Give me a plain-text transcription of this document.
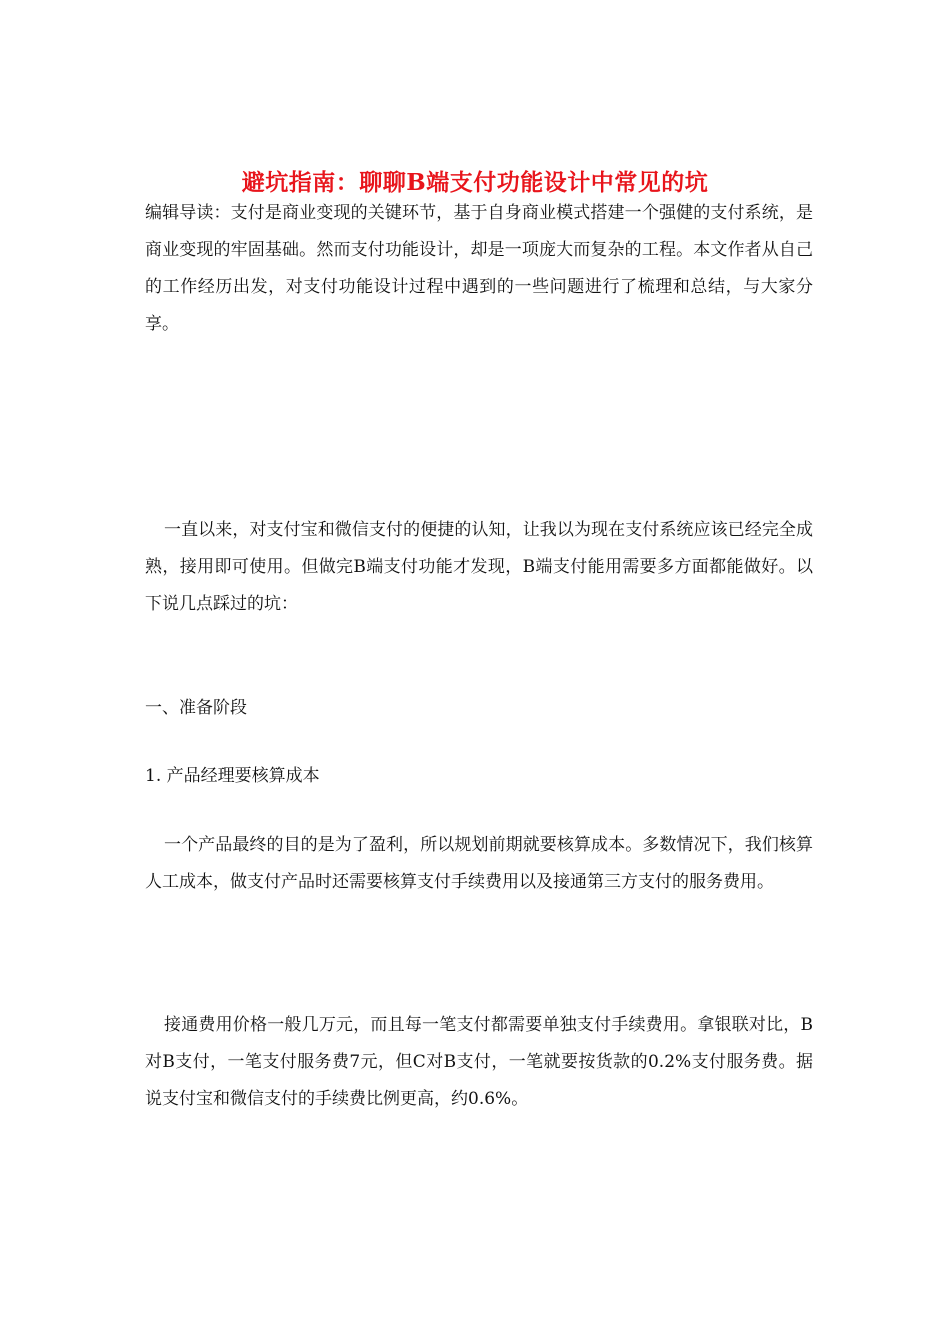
避坑指南：聊聊B端支付功能设计中常见的坑

编辑导读：支付是商业变现的关键环节，基于自身商业模式搭建一个强健的支付系统，是商业变现的牢固基础。然而支付功能设计，却是一项庞大而复杂的工程。本文作者从自己的工作经历出发，对支付功能设计过程中遇到的一些问题进行了梳理和总结，与大家分享。

一直以来，对支付宝和微信支付的便捷的认知，让我以为现在支付系统应该已经完全成熟，接用即可使用。但做完B端支付功能才发现，B端支付能用需要多方面都能做好。以下说几点踩过的坑：

一、准备阶段

1. 产品经理要核算成本

一个产品最终的目的是为了盈利，所以规划前期就要核算成本。多数情况下，我们核算人工成本，做支付产品时还需要核算支付手续费用以及接通第三方支付的服务费用。

接通费用价格一般几万元，而且每一笔支付都需要单独支付手续费用。拿银联对比，B对B支付，一笔支付服务费7元，但C对B支付，一笔就要按货款的0.2%支付服务费。据说支付宝和微信支付的手续费比例更高，约0.6%。
